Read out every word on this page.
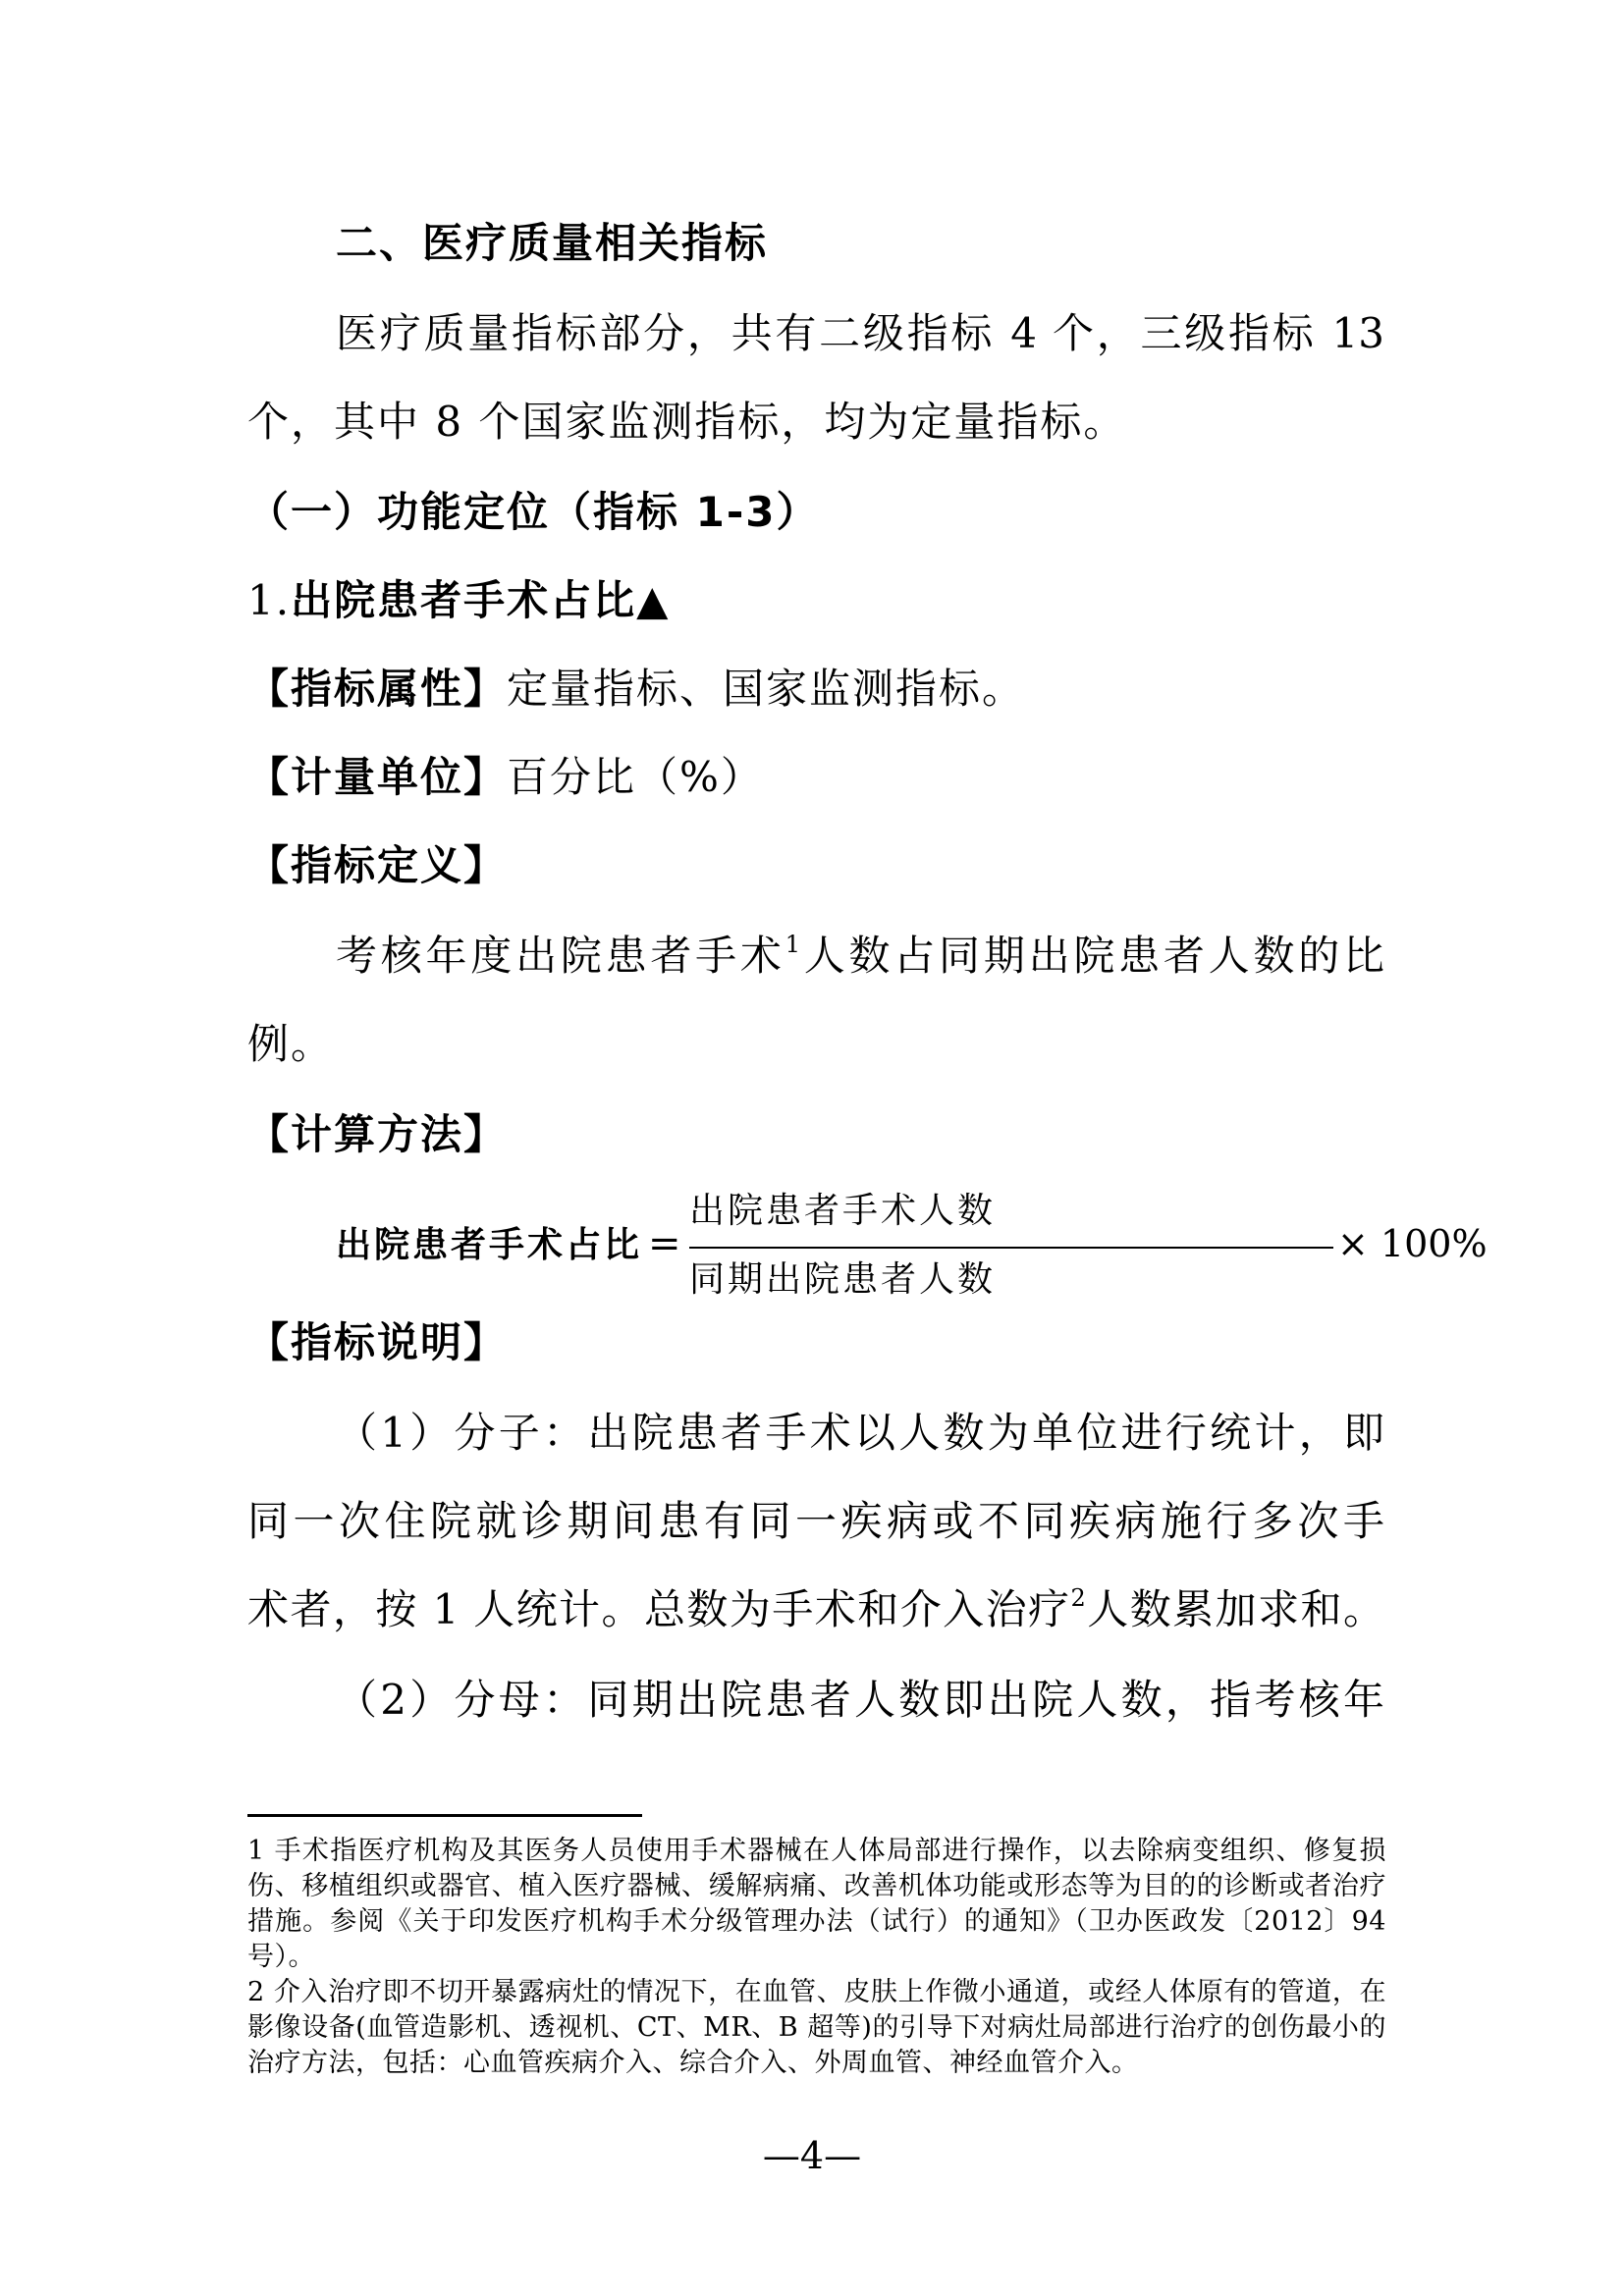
二、医疗质量相关指标
医疗质量指标部分，共有二级指标 4 个，三级指标 13
个，其中 8 个国家监测指标，均为定量指标。
（一）功能定位（指标 1-3）
1.出院患者手术占比▲
【指标属性】定量指标、国家监测指标。
【计量单位】百分比（%）
【指标定义】
考核年度出院患者手术$^1$人数占同期出院患者人数的比
例。
【计算方法】
出院患者手术占比 =
出院患者手术人数
同期出院患者人数
× 100%
【指标说明】
（1）分子：出院患者手术以人数为单位进行统计，即
同一次住院就诊期间患有同一疾病或不同疾病施行多次手
术者，按 1 人统计。总数为手术和介入治疗$^2$人数累加求和。
（2）分母：同期出院患者人数即出院人数，指考核年
1 手术指医疗机构及其医务人员使用手术器械在人体局部进行操作，以去除病变组织、修复损伤、移植组织或器官、植入医疗器械、缓解病痛、改善机体功能或形态等为目的的诊断或者治疗措施。参阅《关于印发医疗机构手术分级管理办法（试行）的通知》（卫办医政发〔2012〕94 号）。
2 介入治疗即不切开暴露病灶的情况下，在血管、皮肤上作微小通道，或经人体原有的管道，在影像设备(血管造影机、透视机、CT、MR、B 超等)的引导下对病灶局部进行治疗的创伤最小的治疗方法，包括：心血管疾病介入、综合介入、外周血管、神经血管介入。
—4—
